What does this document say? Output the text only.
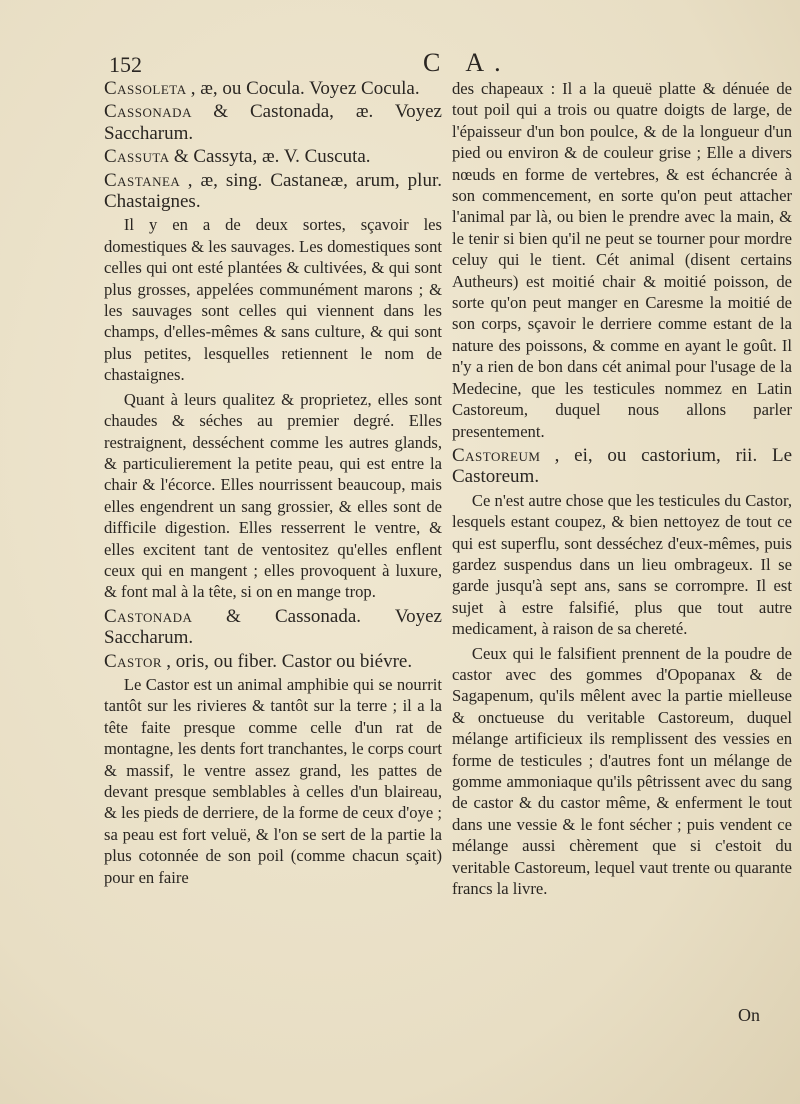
152	C A.
Cassoleta , æ, ou Cocula. Voyez Cocula.
Cassonada & Castonada, æ. Voyez Saccharum.
Cassuta & Cassyta, æ. V. Cuscuta.
Castanea , æ, sing. Castaneæ, arum, plur. Chastaignes.

Il y en a de deux sortes, sçavoir les domestiques & les sauvages. Les domestiques sont celles qui ont esté plantées & cultivées, & qui sont plus grosses, appelées communément marons ; & les sauvages sont celles qui viennent dans les champs, d'elles-mêmes & sans culture, & qui sont plus petites, lesquelles retiennent le nom de chastaignes.

Quant à leurs qualitez & proprietez, elles sont chaudes & séches au premier degré. Elles restraignent, desséchent comme les autres glands, & particulierement la petite peau, qui est entre la chair & l'écorce. Elles nourrissent beaucoup, mais elles engendrent un sang grossier, & elles sont de difficile digestion. Elles resserrent le ventre, & elles excitent tant de ventositez qu'elles enflent ceux qui en mangent ; elles provoquent à luxure, & font mal à la tête, si on en mange trop.

Castonada & Cassonada. Voyez Saccharum.
Castor , oris, ou fiber. Castor ou biévre.

Le Castor est un animal amphibie qui se nourrit tantôt sur les rivieres & tantôt sur la terre ; il a la tête faite presque comme celle d'un rat de montagne, les dents fort tranchantes, le corps court & massif, le ventre assez grand, les pattes de devant presque semblables à celles d'un blaireau, & les pieds de derriere, de la forme de ceux d'oye ; sa peau est fort veluë, & l'on se sert de la partie la plus cotonnée de son poil (comme chacun sçait) pour en faire

des chapeaux : Il a la queuë platte & dénuée de tout poil qui a trois ou quatre doigts de large, de l'épaisseur d'un bon poulce, & de la longueur d'un pied ou environ & de couleur grise ; Elle a divers nœuds en forme de vertebres, & est échancrée à son commencement, en sorte qu'on peut attacher l'animal par là, ou bien le prendre avec la main, & le tenir si bien qu'il ne peut se tourner pour mordre celuy qui le tient. Cét animal (disent certains Autheurs) est moitié chair & moitié poisson, de sorte qu'on peut manger en Caresme la moitié de son corps, sçavoir le derriere comme estant de la nature des poissons, & comme en ayant le goût. Il n'y a rien de bon dans cét animal pour l'usage de la Medecine, que les testicules nommez en Latin Castoreum, duquel nous allons parler presentement.

Castoreum , ei, ou castorium, rii. Le Castoreum.

Ce n'est autre chose que les testicules du Castor, lesquels estant coupez, & bien nettoyez de tout ce qui est superflu, sont desséchez d'eux-mêmes, puis gardez suspendus dans un lieu ombrageux. Il se garde jusqu'à sept ans, sans se corrompre. Il est sujet à estre falsifié, plus que tout autre medicament, à raison de sa chereté.

Ceux qui le falsifient prennent de la poudre de castor avec des gommes d'Opopanax & de Sagapenum, qu'ils mêlent avec la partie mielleuse & onctueuse du veritable Castoreum, duquel mélange artificieux ils remplissent des vessies en forme de testicules ; d'autres font un mélange de gomme ammoniaque qu'ils pêtrissent avec du sang de castor & du castor même, & enferment le tout dans une vessie & le font sécher ; puis vendent ce mélange aussi chèrement que si c'estoit du veritable Castoreum, lequel vaut trente ou quarante francs la livre.

On
